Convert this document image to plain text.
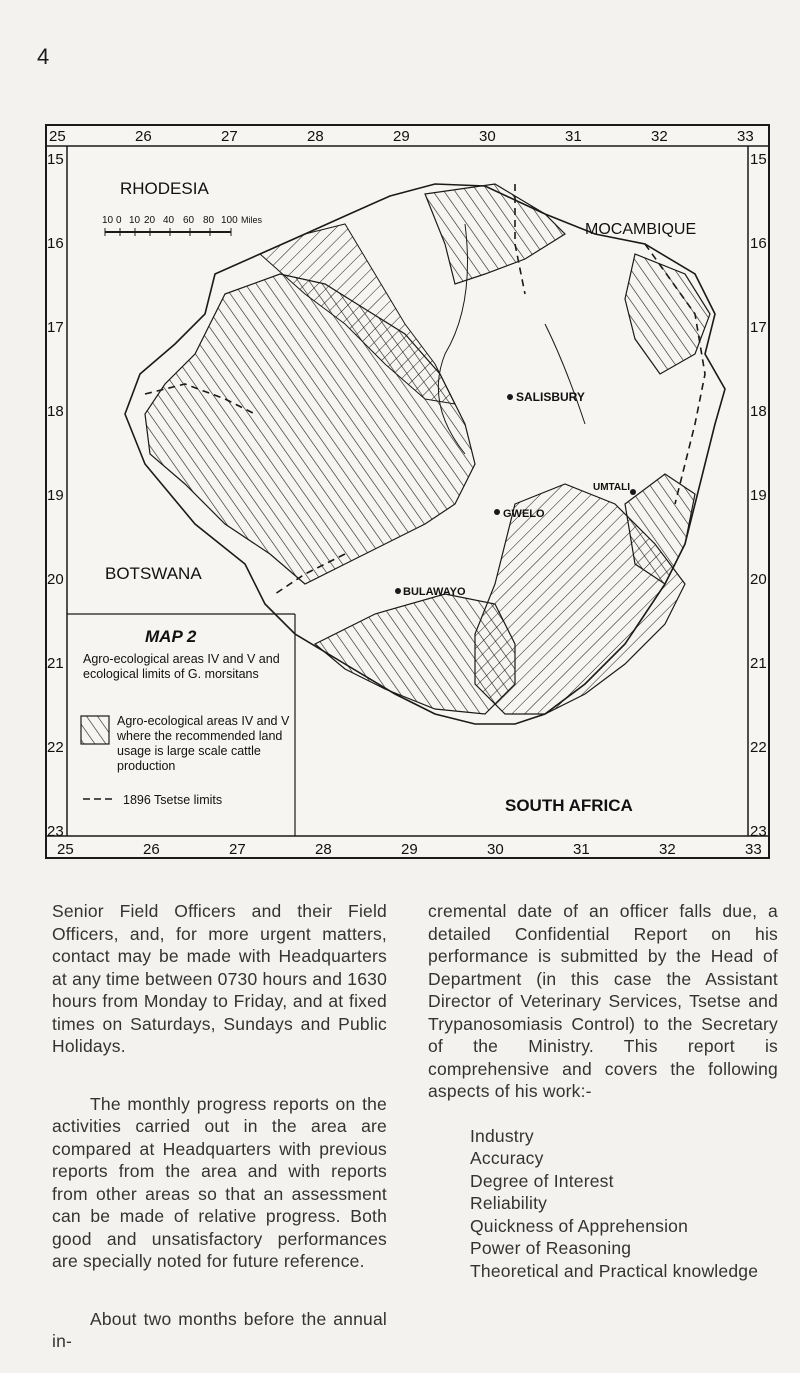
4
25	26	27	28	29	30	31	32	33
25	26	27	28	29	30	31	32	33
15
16
17
18
19
20
21
22
23
15
16
17
18
19
20
21
22
23
10 0 10 20 40 60 80 100 Miles
RHODESIA
BOTSWANA
MOCAMBIQUE
SOUTH AFRICA
SALISBURY
GWELO
BULAWAYO
UMTALI
MAP 2
Agro-ecological areas IV and V and ecological limits of G. morsitans
Agro-ecological areas IV and V where the recommended land usage is large scale cattle production
1896 Tsetse limits

Senior Field Officers and their Field Officers, and, for more urgent matters, contact may be made with Headquarters at any time between 0730 hours and 1630 hours from Monday to Friday, and at fixed times on Saturdays, Sundays and Public Holidays.

The monthly progress reports on the activities carried out in the area are compared at Headquarters with previous reports from the area and with reports from other areas so that an assessment can be made of relative progress. Both good and unsatisfactory performances are specially noted for future reference.

About two months before the annual in-

cremental date of an officer falls due, a detailed Confidential Report on his performance is submitted by the Head of Department (in this case the Assistant Director of Veterinary Services, Tsetse and Trypanosomiasis Control) to the Secretary of the Ministry. This report is comprehensive and covers the following aspects of his work:-

Industry
Accuracy
Degree of Interest
Reliability
Quickness of Apprehension
Power of Reasoning
Theoretical and Practical knowledge
